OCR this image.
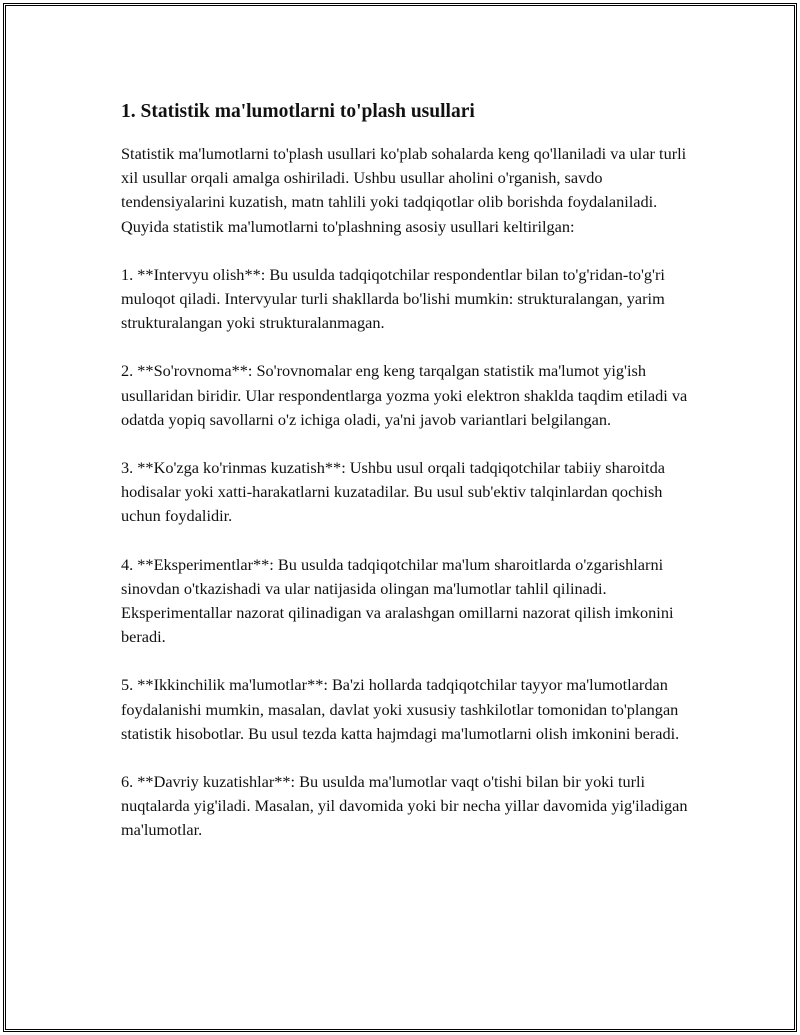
1. Statistik ma'lumotlarni to'plash usullari

Statistik ma'lumotlarni to'plash usullari ko'plab sohalarda keng qo'llaniladi va ular turli xil usullar orqali amalga oshiriladi. Ushbu usullar aholini o'rganish, savdo tendensiyalarini kuzatish, matn tahlili yoki tadqiqotlar olib borishda foydalaniladi. Quyida statistik ma'lumotlarni to'plashning asosiy usullari keltirilgan:

1. **Intervyu olish**: Bu usulda tadqiqotchilar respondentlar bilan to'g'ridan-to'g'ri muloqot qiladi. Intervyular turli shakllarda bo'lishi mumkin: strukturalangan, yarim strukturalangan yoki strukturalanmagan.

2. **So'rovnoma**: So'rovnomalar eng keng tarqalgan statistik ma'lumot yig'ish usullaridan biridir. Ular respondentlarga yozma yoki elektron shaklda taqdim etiladi va odatda yopiq savollarni o'z ichiga oladi, ya'ni javob variantlari belgilangan.

3. **Ko'zga ko'rinmas kuzatish**: Ushbu usul orqali tadqiqotchilar tabiiy sharoitda hodisalar yoki xatti-harakatlarni kuzatadilar. Bu usul sub'ektiv talqinlardan qochish uchun foydalidir.

4. **Eksperimentlar**: Bu usulda tadqiqotchilar ma'lum sharoitlarda o'zgarishlarni sinovdan o'tkazishadi va ular natijasida olingan ma'lumotlar tahlil qilinadi. Eksperimentallar nazorat qilinadigan va aralashgan omillarni nazorat qilish imkonini beradi.

5. **Ikkinchilik ma'lumotlar**: Ba'zi hollarda tadqiqotchilar tayyor ma'lumotlardan foydalanishi mumkin, masalan, davlat yoki xususiy tashkilotlar tomonidan to'plangan statistik hisobotlar. Bu usul tezda katta hajmdagi ma'lumotlarni olish imkonini beradi.

6. **Davriy kuzatishlar**: Bu usulda ma'lumotlar vaqt o'tishi bilan bir yoki turli nuqtalarda yig'iladi. Masalan, yil davomida yoki bir necha yillar davomida yig'iladigan ma'lumotlar.
